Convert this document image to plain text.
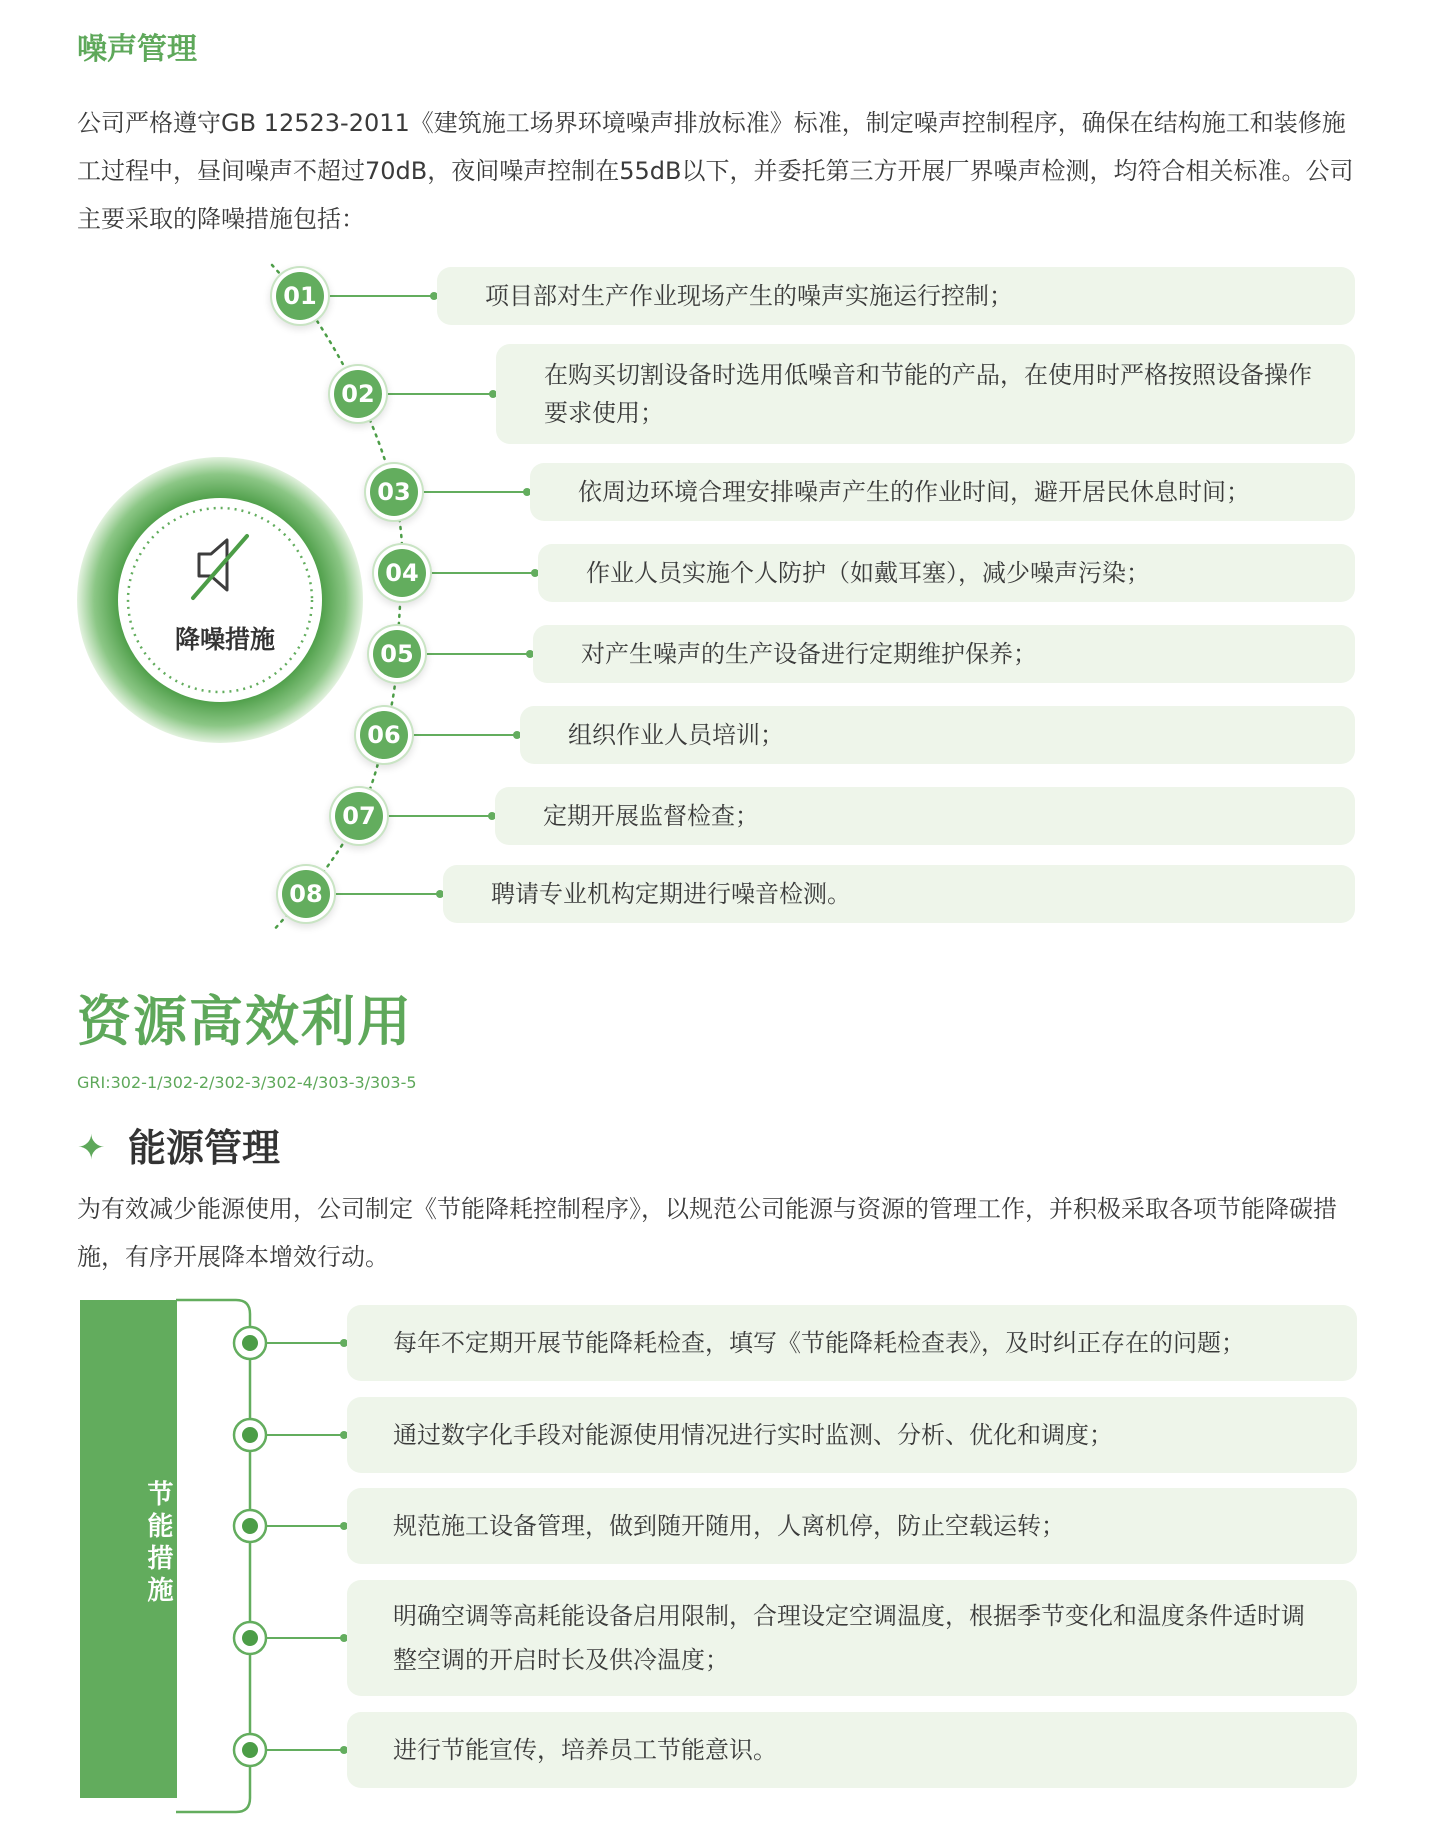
噪声管理
公司严格遵守GB 12523-2011《建筑施工场界环境噪声排放标准》标准，制定噪声控制程序，确保在结构施工和装修施工过程中，昼间噪声不超过70dB，夜间噪声控制在55dB以下，并委托第三方开展厂界噪声检测，均符合相关标准。公司主要采取的降噪措施包括：
降噪措施
项目部对生产作业现场产生的噪声实施运行控制；
01
在购买切割设备时选用低噪音和节能的产品，在使用时严格按照设备操作要求使用；
02
依周边环境合理安排噪声产生的作业时间，避开居民休息时间；
03
作业人员实施个人防护（如戴耳塞），减少噪声污染；
04
对产生噪声的生产设备进行定期维护保养；
05
组织作业人员培训；
06
定期开展监督检查；
07
聘请专业机构定期进行噪音检测。
08
资源高效利用
GRI:302-1/302-2/302-3/302-4/303-3/303-5
✦ 能源管理
为有效减少能源使用，公司制定《节能降耗控制程序》，以规范公司能源与资源的管理工作，并积极采取各项节能降碳措施，有序开展降本增效行动。
节能措施
每年不定期开展节能降耗检查，填写《节能降耗检查表》，及时纠正存在的问题；
通过数字化手段对能源使用情况进行实时监测、分析、优化和调度；
规范施工设备管理，做到随开随用，人离机停，防止空载运转；
明确空调等高耗能设备启用限制，合理设定空调温度，根据季节变化和温度条件适时调整空调的开启时长及供冷温度；
进行节能宣传，培养员工节能意识。
